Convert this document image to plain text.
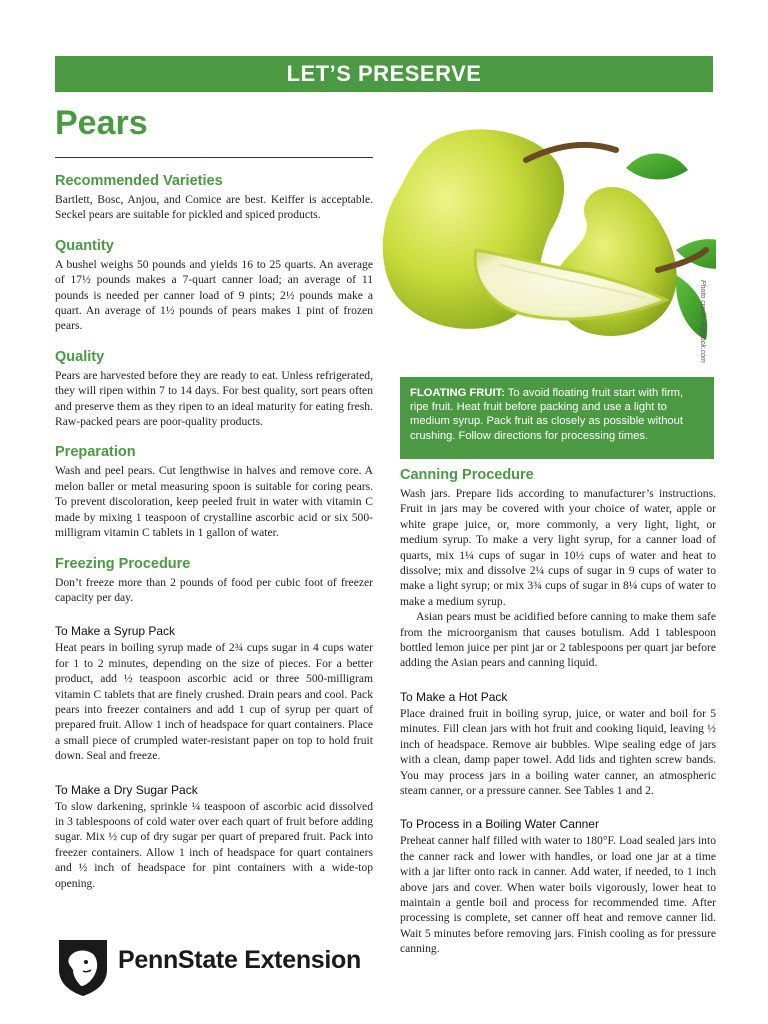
LET’S PRESERVE
Pears
Photo credit: Bigstock.com
FLOATING FRUIT: To avoid floating fruit start with firm, ripe fruit. Heat fruit before packing and use a light to medium syrup. Pack fruit as closely as possible without crushing. Follow directions for processing times.
Recommended Varieties

Bartlett, Bosc, Anjou, and Comice are best. Keiffer is acceptable. Seckel pears are suitable for pickled and spiced products.

Quantity

A bushel weighs 50 pounds and yields 16 to 25 quarts. An average of 17½ pounds makes a 7-quart canner load; an average of 11 pounds is needed per canner load of 9 pints; 2½ pounds make a quart. An average of 1½ pounds of pears makes 1 pint of frozen pears.

Quality

Pears are harvested before they are ready to eat. Unless refrigerated, they will ripen within 7 to 14 days. For best quality, sort pears often and preserve them as they ripen to an ideal maturity for eating fresh. Raw-packed pears are poor-quality products.

Preparation

Wash and peel pears. Cut lengthwise in halves and remove core. A melon baller or metal measuring spoon is suitable for coring pears. To prevent discoloration, keep peeled fruit in water with vitamin C made by mixing 1 teaspoon of crystalline ascorbic acid or six 500-milligram vitamin C tablets in 1 gallon of water.

Freezing Procedure

Don’t freeze more than 2 pounds of food per cubic foot of freezer capacity per day.

To Make a Syrup Pack

Heat pears in boiling syrup made of 2¾ cups sugar in 4 cups water for 1 to 2 minutes, depending on the size of pieces. For a better product, add ½ teaspoon ascorbic acid or three 500-milligram vitamin C tablets that are finely crushed. Drain pears and cool. Pack pears into freezer containers and add 1 cup of syrup per quart of prepared fruit. Allow 1 inch of headspace for quart containers. Place a small piece of crumpled water-resistant paper on top to hold fruit down. Seal and freeze.

To Make a Dry Sugar Pack

To slow darkening, sprinkle ¼ teaspoon of ascorbic acid dissolved in 3 tablespoons of cold water over each quart of fruit before adding sugar. Mix ½ cup of dry sugar per quart of prepared fruit. Pack into freezer containers. Allow 1 inch of headspace for quart containers and ½ inch of headspace for pint containers with a wide-top opening.

Canning Procedure

Wash jars. Prepare lids according to manufacturer’s instructions. Fruit in jars may be covered with your choice of water, apple or white grape juice, or, more commonly, a very light, light, or medium syrup. To make a very light syrup, for a canner load of quarts, mix 1¼ cups of sugar in 10½ cups of water and heat to dissolve; mix and dissolve 2¼ cups of sugar in 9 cups of water to make a light syrup; or mix 3¾ cups of sugar in 8¼ cups of water to make a medium syrup.

Asian pears must be acidified before canning to make them safe from the microorganism that causes botulism. Add 1 tablespoon bottled lemon juice per pint jar or 2 tablespoons per quart jar before adding the Asian pears and canning liquid.

To Make a Hot Pack

Place drained fruit in boiling syrup, juice, or water and boil for 5 minutes. Fill clean jars with hot fruit and cooking liquid, leaving ½ inch of headspace. Remove air bubbles. Wipe sealing edge of jars with a clean, damp paper towel. Add lids and tighten screw bands. You may process jars in a boiling water canner, an atmospheric steam canner, or a pressure canner. See Tables 1 and 2.

To Process in a Boiling Water Canner

Preheat canner half filled with water to 180°F. Load sealed jars into the canner rack and lower with handles, or load one jar at a time with a jar lifter onto rack in canner. Add water, if needed, to 1 inch above jars and cover. When water boils vigorously, lower heat to maintain a gentle boil and process for recommended time. After processing is complete, set canner off heat and remove canner lid. Wait 5 minutes before removing jars. Finish cooling as for pressure canning.

PennState Extension
